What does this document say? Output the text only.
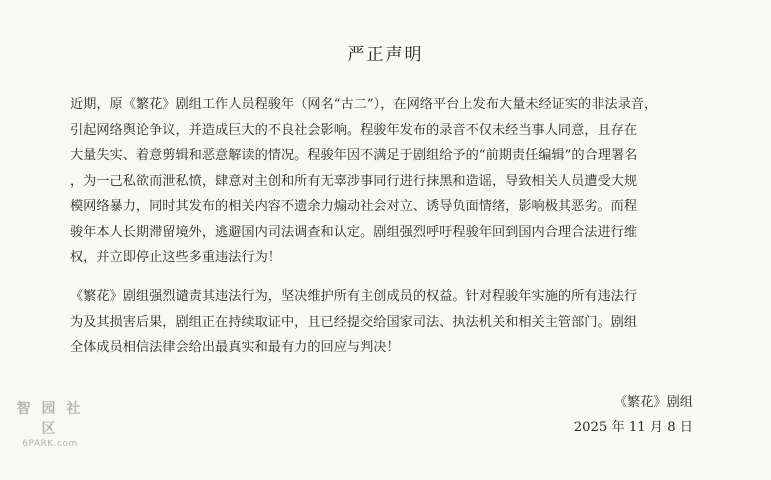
严正声明

近期，原《繁花》剧组工作人员程骏年（网名“古二”），在网络平台上发布大量未经证实的非法录音，
引起网络舆论争议，并造成巨大的不良社会影响。程骏年发布的录音不仅未经当事人同意，且存在
大量失实、着意剪辑和恶意解读的情况。程骏年因不满足于剧组给予的“前期责任编辑”的合理署名
，为一己私欲而泄私愤，肆意对主创和所有无辜涉事同行进行抹黑和造谣，导致相关人员遭受大规
模网络暴力，同时其发布的相关内容不遗余力煽动社会对立、诱导负面情绪，影响极其恶劣。而程
骏年本人长期滞留境外，逃避国内司法调查和认定。剧组强烈呼吁程骏年回到国内合理合法进行维
权，并立即停止这些多重违法行为！

《繁花》剧组强烈谴责其违法行为，坚决维护所有主创成员的权益。针对程骏年实施的所有违法行
为及其损害后果，剧组正在持续取证中，且已经提交给国家司法、执法机关和相关主管部门。剧组
全体成员相信法律会给出最真实和最有力的回应与判决！

《繁花》剧组
2025 年 11 月 8 日
智 园 社 区
6PARK.com
